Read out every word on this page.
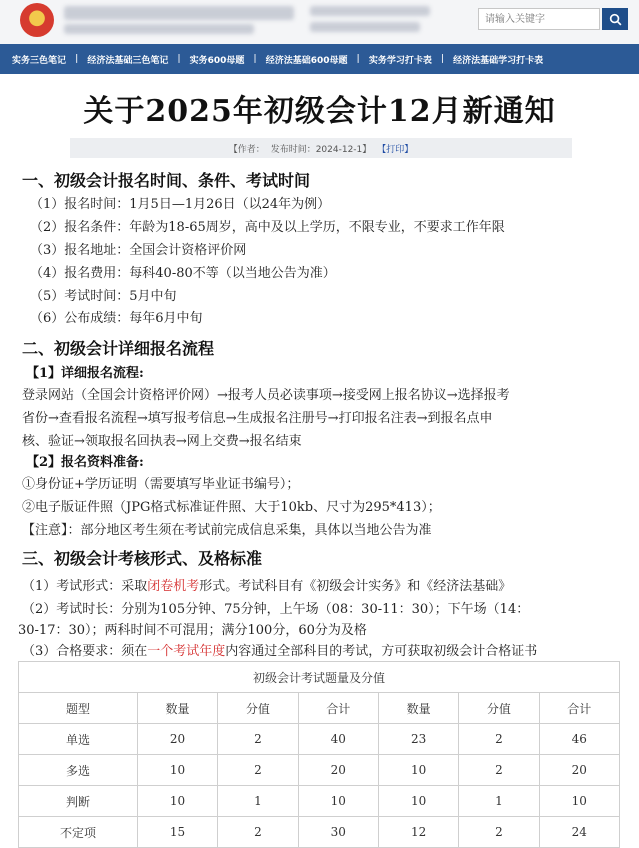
请输入关键字
实务三色笔记	|	经济法基础三色笔记	|	实务600母题	|	经济法基础600母题	|	实务学习打卡表	|	经济法基础学习打卡表
关于2025年初级会计12月新通知
【作者： 发布时间：2024-12-1】 【打印】
一、初级会计报名时间、条件、考试时间
（1）报名时间：1月5日—1月26日（以24年为例）
（2）报名条件：年龄为18-65周岁，高中及以上学历，不限专业，不要求工作年限
（3）报名地址：全国会计资格评价网
（4）报名费用：每科40-80不等（以当地公告为准）
（5）考试时间：5月中旬
（6）公布成绩：每年6月中旬
二、初级会计详细报名流程
【1】详细报名流程:
登录网站（全国会计资格评价网）→报考人员必读事项→接受网上报名协议→选择报考
省份→查看报名流程→填写报考信息→生成报名注册号→打印报名注表→到报名点申
核、验证→领取报名回执表→网上交费→报名结束
【2】报名资料准备:
①身份证+学历证明（需要填写毕业证书编号）；
②电子版证件照（JPG格式标准证件照、大于10kb、尺寸为295*413）；
【注意】：部分地区考生须在考试前完成信息采集，具体以当地公告为准
三、初级会计考核形式、及格标准
（1）考试形式：采取闭卷机考形式。考试科目有《初级会计实务》和《经济法基础》
（2）考试时长：分别为105分钟、75分钟，上午场（08：30-11：30）；下午场（14：
30-17：30）；两科时间不可混用；满分100分，60分为及格
（3）合格要求：须在一个考试年度内容通过全部科目的考试，方可获取初级会计合格证书
初级会计考试题量及分值						
题型	数量	分值	合计	数量	分值	合计
单选	20	2	40	23	2	46
多选	10	2	20	10	2	20
判断	10	1	10	10	1	10
不定项	15	2	30	12	2	24
